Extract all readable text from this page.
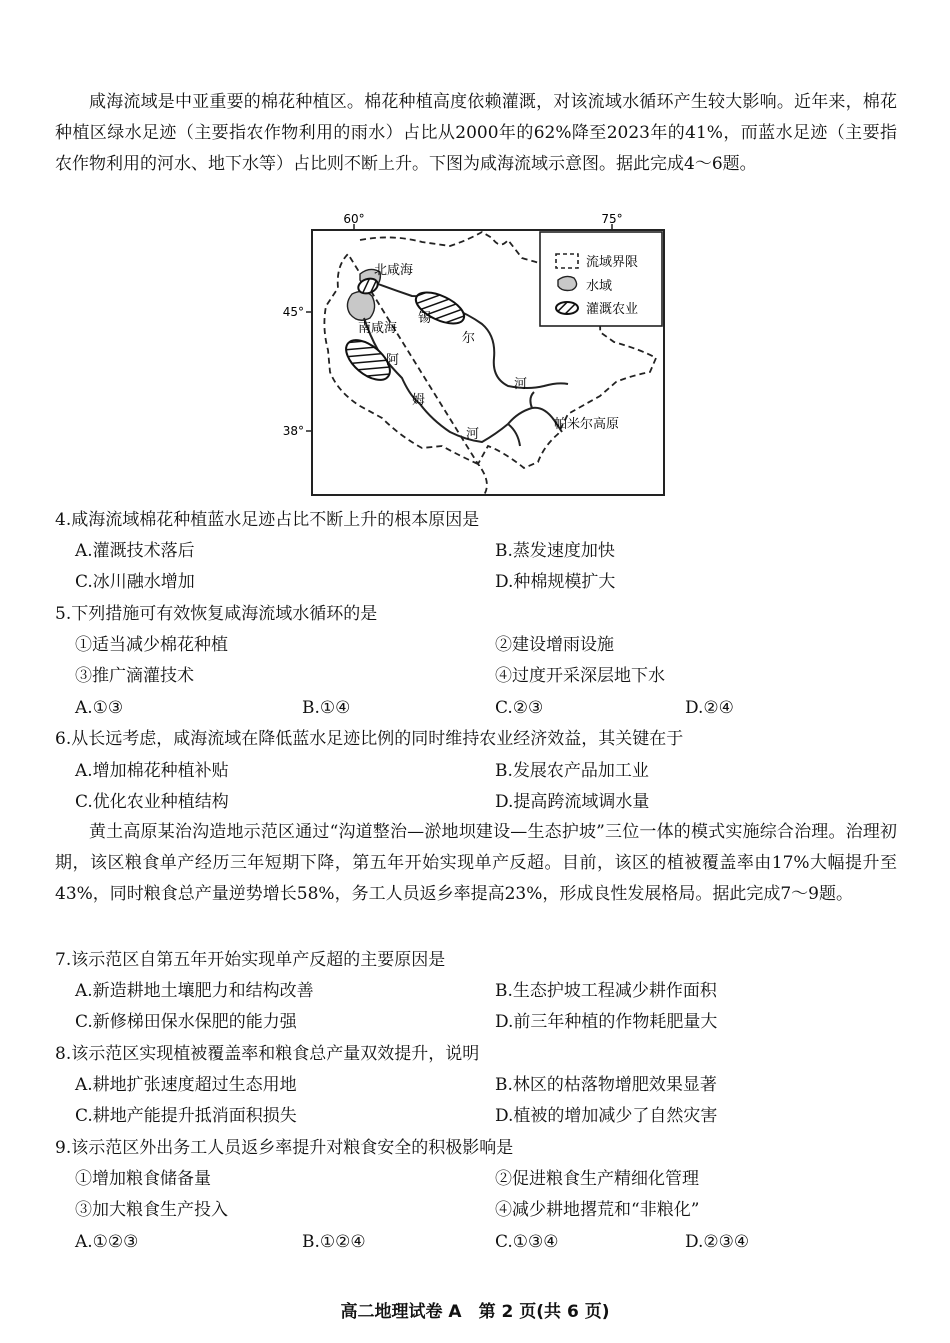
咸海流域是中亚重要的棉花种植区。棉花种植高度依赖灌溉，对该流域水循环产生较大影响。近年来，棉花种植区绿水足迹（主要指农作物利用的雨水）占比从2000年的62%降至2023年的41%，而蓝水足迹（主要指农作物利用的河水、地下水等）占比则不断上升。下图为咸海流域示意图。据此完成4～6题。

60°	75°
45°
38°
北咸海
南咸海
锡
尔
河
阿
姆
河
帕米尔高原
流域界限
水域
灌溉农业
4.咸海流域棉花种植蓝水足迹占比不断上升的根本原因是
A.灌溉技术落后	B.蒸发速度加快
C.冰川融水增加	D.种棉规模扩大
5.下列措施可有效恢复咸海流域水循环的是
①适当减少棉花种植	②建设增雨设施
③推广滴灌技术	④过度开采深层地下水
A.①③	B.①④	C.②③	D.②④
6.从长远考虑，咸海流域在降低蓝水足迹比例的同时维持农业经济效益，其关键在于
A.增加棉花种植补贴	B.发展农产品加工业
C.优化农业种植结构	D.提高跨流域调水量

黄土高原某治沟造地示范区通过“沟道整治—淤地坝建设—生态护坡”三位一体的模式实施综合治理。治理初期，该区粮食单产经历三年短期下降，第五年开始实现单产反超。目前，该区的植被覆盖率由17%大幅提升至43%，同时粮食总产量逆势增长58%，务工人员返乡率提高23%，形成良性发展格局。据此完成7～9题。

7.该示范区自第五年开始实现单产反超的主要原因是
A.新造耕地土壤肥力和结构改善	B.生态护坡工程减少耕作面积
C.新修梯田保水保肥的能力强	D.前三年种植的作物耗肥量大
8.该示范区实现植被覆盖率和粮食总产量双效提升，说明
A.耕地扩张速度超过生态用地	B.林区的枯落物增肥效果显著
C.耕地产能提升抵消面积损失	D.植被的增加减少了自然灾害
9.该示范区外出务工人员返乡率提升对粮食安全的积极影响是
①增加粮食储备量	②促进粮食生产精细化管理
③加大粮食生产投入	④减少耕地撂荒和“非粮化”
A.①②③	B.①②④	C.①③④	D.②③④
高二地理试卷 A　第 2 页(共 6 页)
